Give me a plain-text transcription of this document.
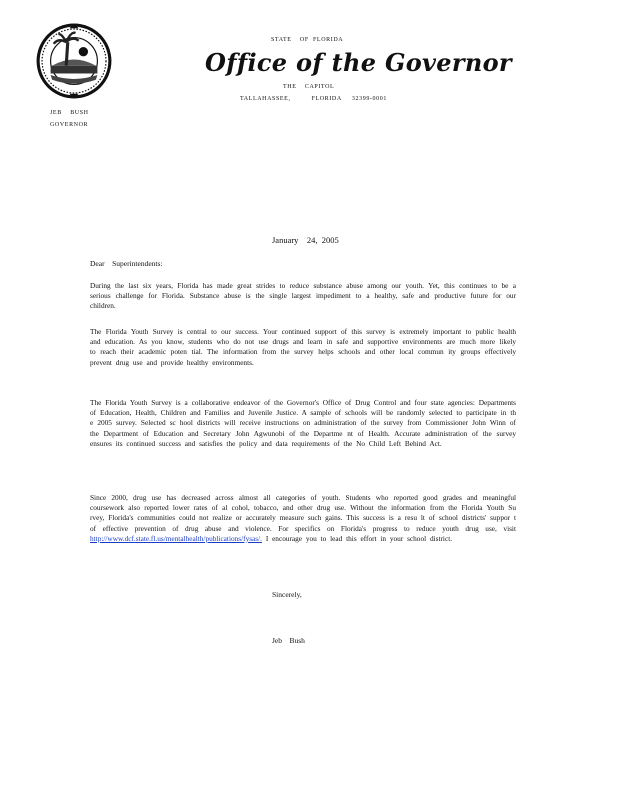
STATE    OF  FLORIDA
Office of the Governor
THE    CAPITOL
TALLAHASSEE,          FLORIDA     32399-0001
JEB    BUSH
GOVERNOR
January    24,  2005
Dear    Superintendents:
During the last six years, Florida has made great strides to reduce substance abuse among our youth. Yet, this continues to be a serious challenge for Florida. Substance abuse is the single largest impediment to a healthy, safe and productive future for our children.
The Florida Youth Survey is central to our success. Your continued support of this survey is extremely important to public health and education. As you know, students who do not use drugs and learn in safe and supportive environments are much more likely to reach their academic poten tial. The information from the survey helps schools and other local commun ity groups effectively prevent drug use and provide healthy environments.
The Florida Youth Survey is a collaborative endeavor of the Governor's Office of Drug Control and four state agencies: Departments of Education, Health, Children and Families and Juvenile Justice. A sample of schools will be randomly selected to participate in th e 2005 survey. Selected sc hool districts will receive instructions on administration of the survey from Commissioner John Winn of the Department of Education and Secretary John Agwunobi of the Departme nt of Health. Accurate administration of the survey ensures its continued success and satisfies the policy and data requirements of the No Child Left Behind Act.
Since 2000, drug use has decreased across almost all categories of youth. Students who reported good grades and meaningful coursework also reported lower rates of al cohol, tobacco, and other drug use. Without the information from the Florida Youth Su rvey, Florida's communities could not realize or accurately measure such gains. This success is a resu lt of school districts' suppor t of effective prevention of drug abuse and violence. For specifics on Florida's progress to reduce youth drug use, visit http://www.dcf.state.fl.us/mentalhealth/publications/fysas/. I encourage you to lead this effort in your school district.
Sincerely,
Jeb    Bush
